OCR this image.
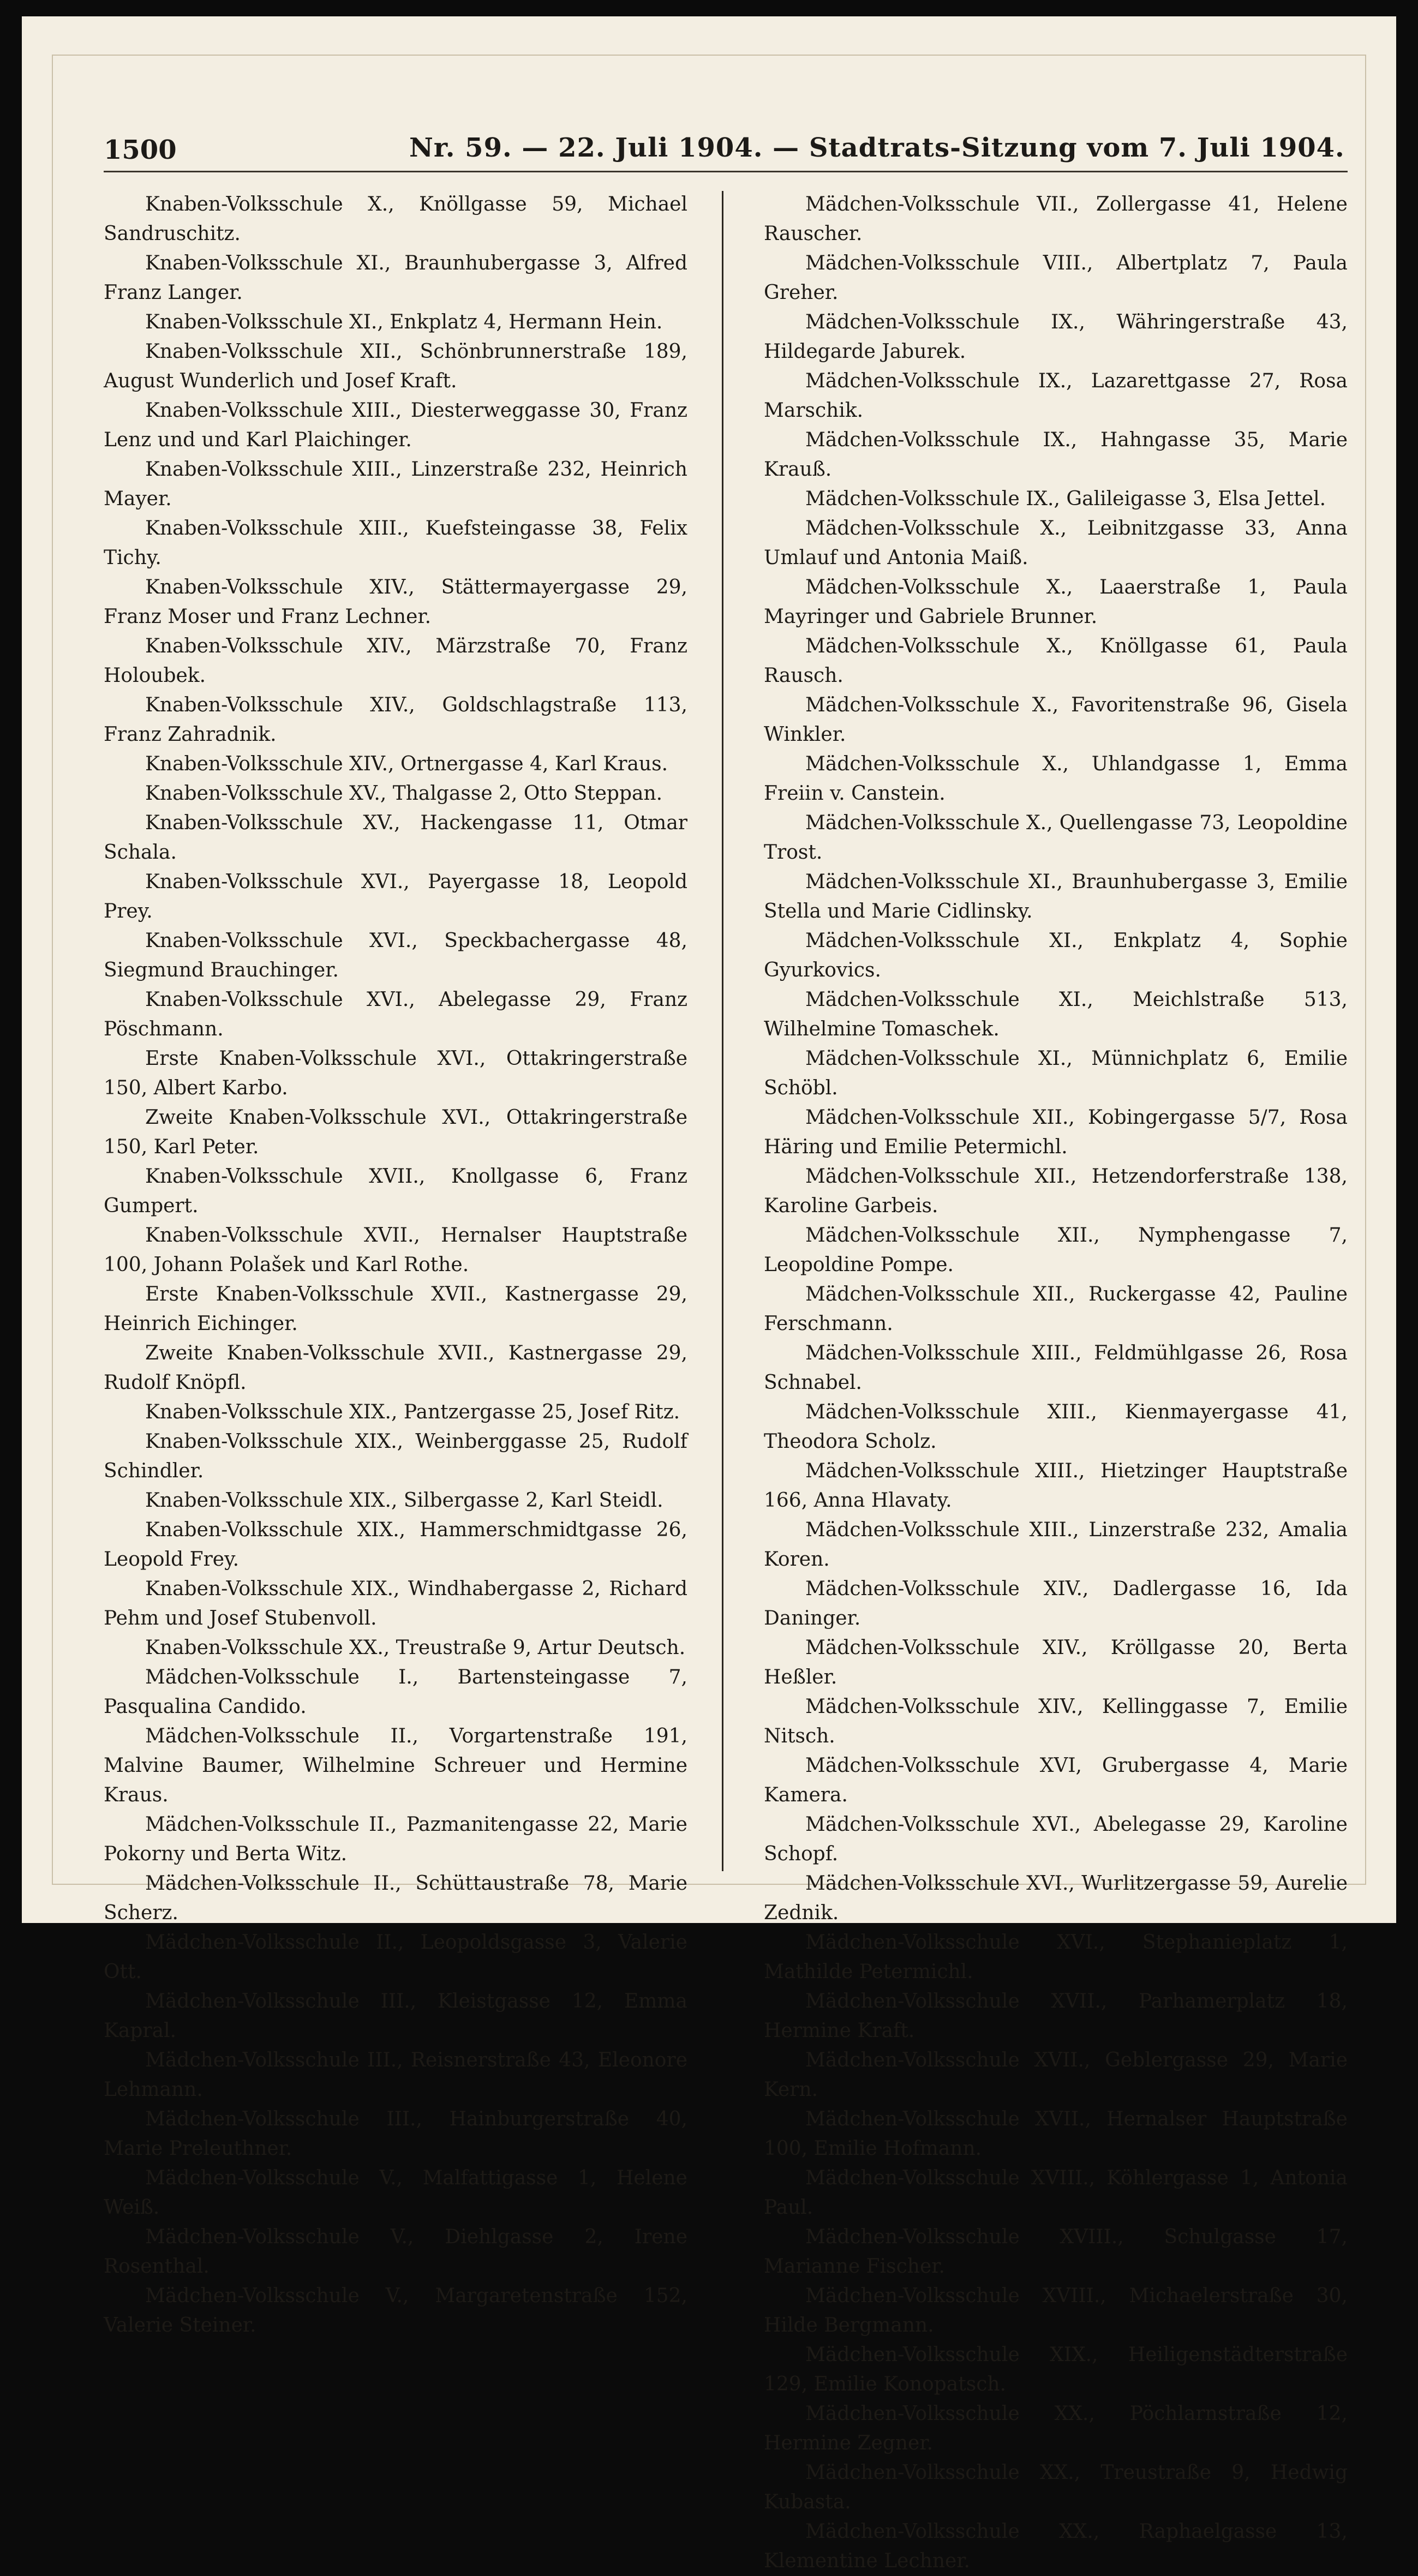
1500	Nr. 59. — 22. Juli 1904. — Stadtrats-Sitzung vom 7. Juli 1904.

Knaben-Volksschule X., Knöllgasse 59, Michael Sandruschitz.

Knaben-Volksschule XI., Braunhubergasse 3, Alfred Franz Langer.

Knaben-Volksschule XI., Enkplatz 4, Hermann Hein.

Knaben-Volksschule XII., Schönbrunnerstraße 189, August Wunderlich und Josef Kraft.

Knaben-Volksschule XIII., Diesterweggasse 30, Franz Lenz und und Karl Plaichinger.

Knaben-Volksschule XIII., Linzerstraße 232, Heinrich Mayer.

Knaben-Volksschule XIII., Kuefsteingasse 38, Felix Tichy.

Knaben-Volksschule XIV., Stättermayergasse 29, Franz Moser und Franz Lechner.

Knaben-Volksschule XIV., Märzstraße 70, Franz Holoubek.

Knaben-Volksschule XIV., Goldschlagstraße 113, Franz Zahradnik.

Knaben-Volksschule XIV., Ortnergasse 4, Karl Kraus.

Knaben-Volksschule XV., Thalgasse 2, Otto Steppan.

Knaben-Volksschule XV., Hackengasse 11, Otmar Schala.

Knaben-Volksschule XVI., Payergasse 18, Leopold Prey.

Knaben-Volksschule XVI., Speckbachergasse 48, Siegmund Brauchinger.

Knaben-Volksschule XVI., Abelegasse 29, Franz Pöschmann.

Erste Knaben-Volksschule XVI., Ottakringerstraße 150, Albert Karbo.

Zweite Knaben-Volksschule XVI., Ottakringerstraße 150, Karl Peter.

Knaben-Volksschule XVII., Knollgasse 6, Franz Gumpert.

Knaben-Volksschule XVII., Hernalser Hauptstraße 100, Johann Polašek und Karl Rothe.

Erste Knaben-Volksschule XVII., Kastnergasse 29, Heinrich Eichinger.

Zweite Knaben-Volksschule XVII., Kastnergasse 29, Rudolf Knöpfl.

Knaben-Volksschule XIX., Pantzergasse 25, Josef Ritz.

Knaben-Volksschule XIX., Weinberggasse 25, Rudolf Schindler.

Knaben-Volksschule XIX., Silbergasse 2, Karl Steidl.

Knaben-Volksschule XIX., Hammerschmidtgasse 26, Leopold Frey.

Knaben-Volksschule XIX., Windhabergasse 2, Richard Pehm und Josef Stubenvoll.

Knaben-Volksschule XX., Treustraße 9, Artur Deutsch.

Mädchen-Volksschule I., Bartensteingasse 7, Pasqualina Candido.

Mädchen-Volksschule II., Vorgartenstraße 191, Malvine Baumer, Wilhelmine Schreuer und Hermine Kraus.

Mädchen-Volksschule II., Pazmanitengasse 22, Marie Pokorny und Berta Witz.

Mädchen-Volksschule II., Schüttaustraße 78, Marie Scherz.

Mädchen-Volksschule II., Leopoldsgasse 3, Valerie Ott.

Mädchen-Volksschule III., Kleistgasse 12, Emma Kapral.

Mädchen-Volksschule III., Reisnerstraße 43, Eleonore Lehmann.

Mädchen-Volksschule III., Hainburgerstraße 40, Marie Preleuthner.

Mädchen-Volksschule V., Malfattigasse 1, Helene Weiß.

Mädchen-Volksschule V., Diehlgasse 2, Irene Rosenthal.

Mädchen-Volksschule V., Margaretenstraße 152, Valerie Steiner.

Mädchen-Volksschule VII., Zollergasse 41, Helene Rauscher.

Mädchen-Volksschule VIII., Albertplatz 7, Paula Greher.

Mädchen-Volksschule IX., Währingerstraße 43, Hildegarde Jaburek.

Mädchen-Volksschule IX., Lazarettgasse 27, Rosa Marschik.

Mädchen-Volksschule IX., Hahngasse 35, Marie Krauß.

Mädchen-Volksschule IX., Galileigasse 3, Elsa Jettel.

Mädchen-Volksschule X., Leibnitzgasse 33, Anna Umlauf und Antonia Maiß.

Mädchen-Volksschule X., Laaerstraße 1, Paula Mayringer und Gabriele Brunner.

Mädchen-Volksschule X., Knöllgasse 61, Paula Rausch.

Mädchen-Volksschule X., Favoritenstraße 96, Gisela Winkler.

Mädchen-Volksschule X., Uhlandgasse 1, Emma Freiin v. Canstein.

Mädchen-Volksschule X., Quellengasse 73, Leopoldine Trost.

Mädchen-Volksschule XI., Braunhubergasse 3, Emilie Stella und Marie Cidlinsky.

Mädchen-Volksschule XI., Enkplatz 4, Sophie Gyurkovics.

Mädchen-Volksschule XI., Meichlstraße 513, Wilhelmine Tomaschek.

Mädchen-Volksschule XI., Münnichplatz 6, Emilie Schöbl.

Mädchen-Volksschule XII., Kobingergasse 5/7, Rosa Häring und Emilie Petermichl.

Mädchen-Volksschule XII., Hetzendorferstraße 138, Karoline Garbeis.

Mädchen-Volksschule XII., Nymphengasse 7, Leopoldine Pompe.

Mädchen-Volksschule XII., Ruckergasse 42, Pauline Ferschmann.

Mädchen-Volksschule XIII., Feldmühlgasse 26, Rosa Schnabel.

Mädchen-Volksschule XIII., Kienmayergasse 41, Theodora Scholz.

Mädchen-Volksschule XIII., Hietzinger Hauptstraße 166, Anna Hlavaty.

Mädchen-Volksschule XIII., Linzerstraße 232, Amalia Koren.

Mädchen-Volksschule XIV., Dadlergasse 16, Ida Daninger.

Mädchen-Volksschule XIV., Kröllgasse 20, Berta Heßler.

Mädchen-Volksschule XIV., Kellinggasse 7, Emilie Nitsch.

Mädchen-Volksschule XVI, Grubergasse 4, Marie Kamera.

Mädchen-Volksschule XVI., Abelegasse 29, Karoline Schopf.

Mädchen-Volksschule XVI., Wurlitzergasse 59, Aurelie Zednik.

Mädchen-Volksschule XVI., Stephanieplatz 1, Mathilde Petermichl.

Mädchen-Volksschule XVII., Parhamerplatz 18, Hermine Kraft.

Mädchen-Volksschule XVII., Geblergasse 29, Marie Kern.

Mädchen-Volksschule XVII., Hernalser Hauptstraße 100, Emilie Hofmann.

Mädchen-Volksschule XVIII., Köhlergasse 1, Antonia Paul.

Mädchen-Volksschule XVIII., Schulgasse 17, Marianne Fischer.

Mädchen-Volksschule XVIII., Michaelerstraße 30, Hilde Bergmann.

Mädchen-Volksschule XIX., Heiligenstädterstraße 129, Emilie Konopatsch.

Mädchen-Volksschule XX., Pöchlarnstraße 12, Hermine Zegner.

Mädchen-Volksschule XX., Treustraße 9, Hedwig Kubasta.

Mädchen-Volksschule XX., Raphaelgasse 13, Klementine Lechner.
